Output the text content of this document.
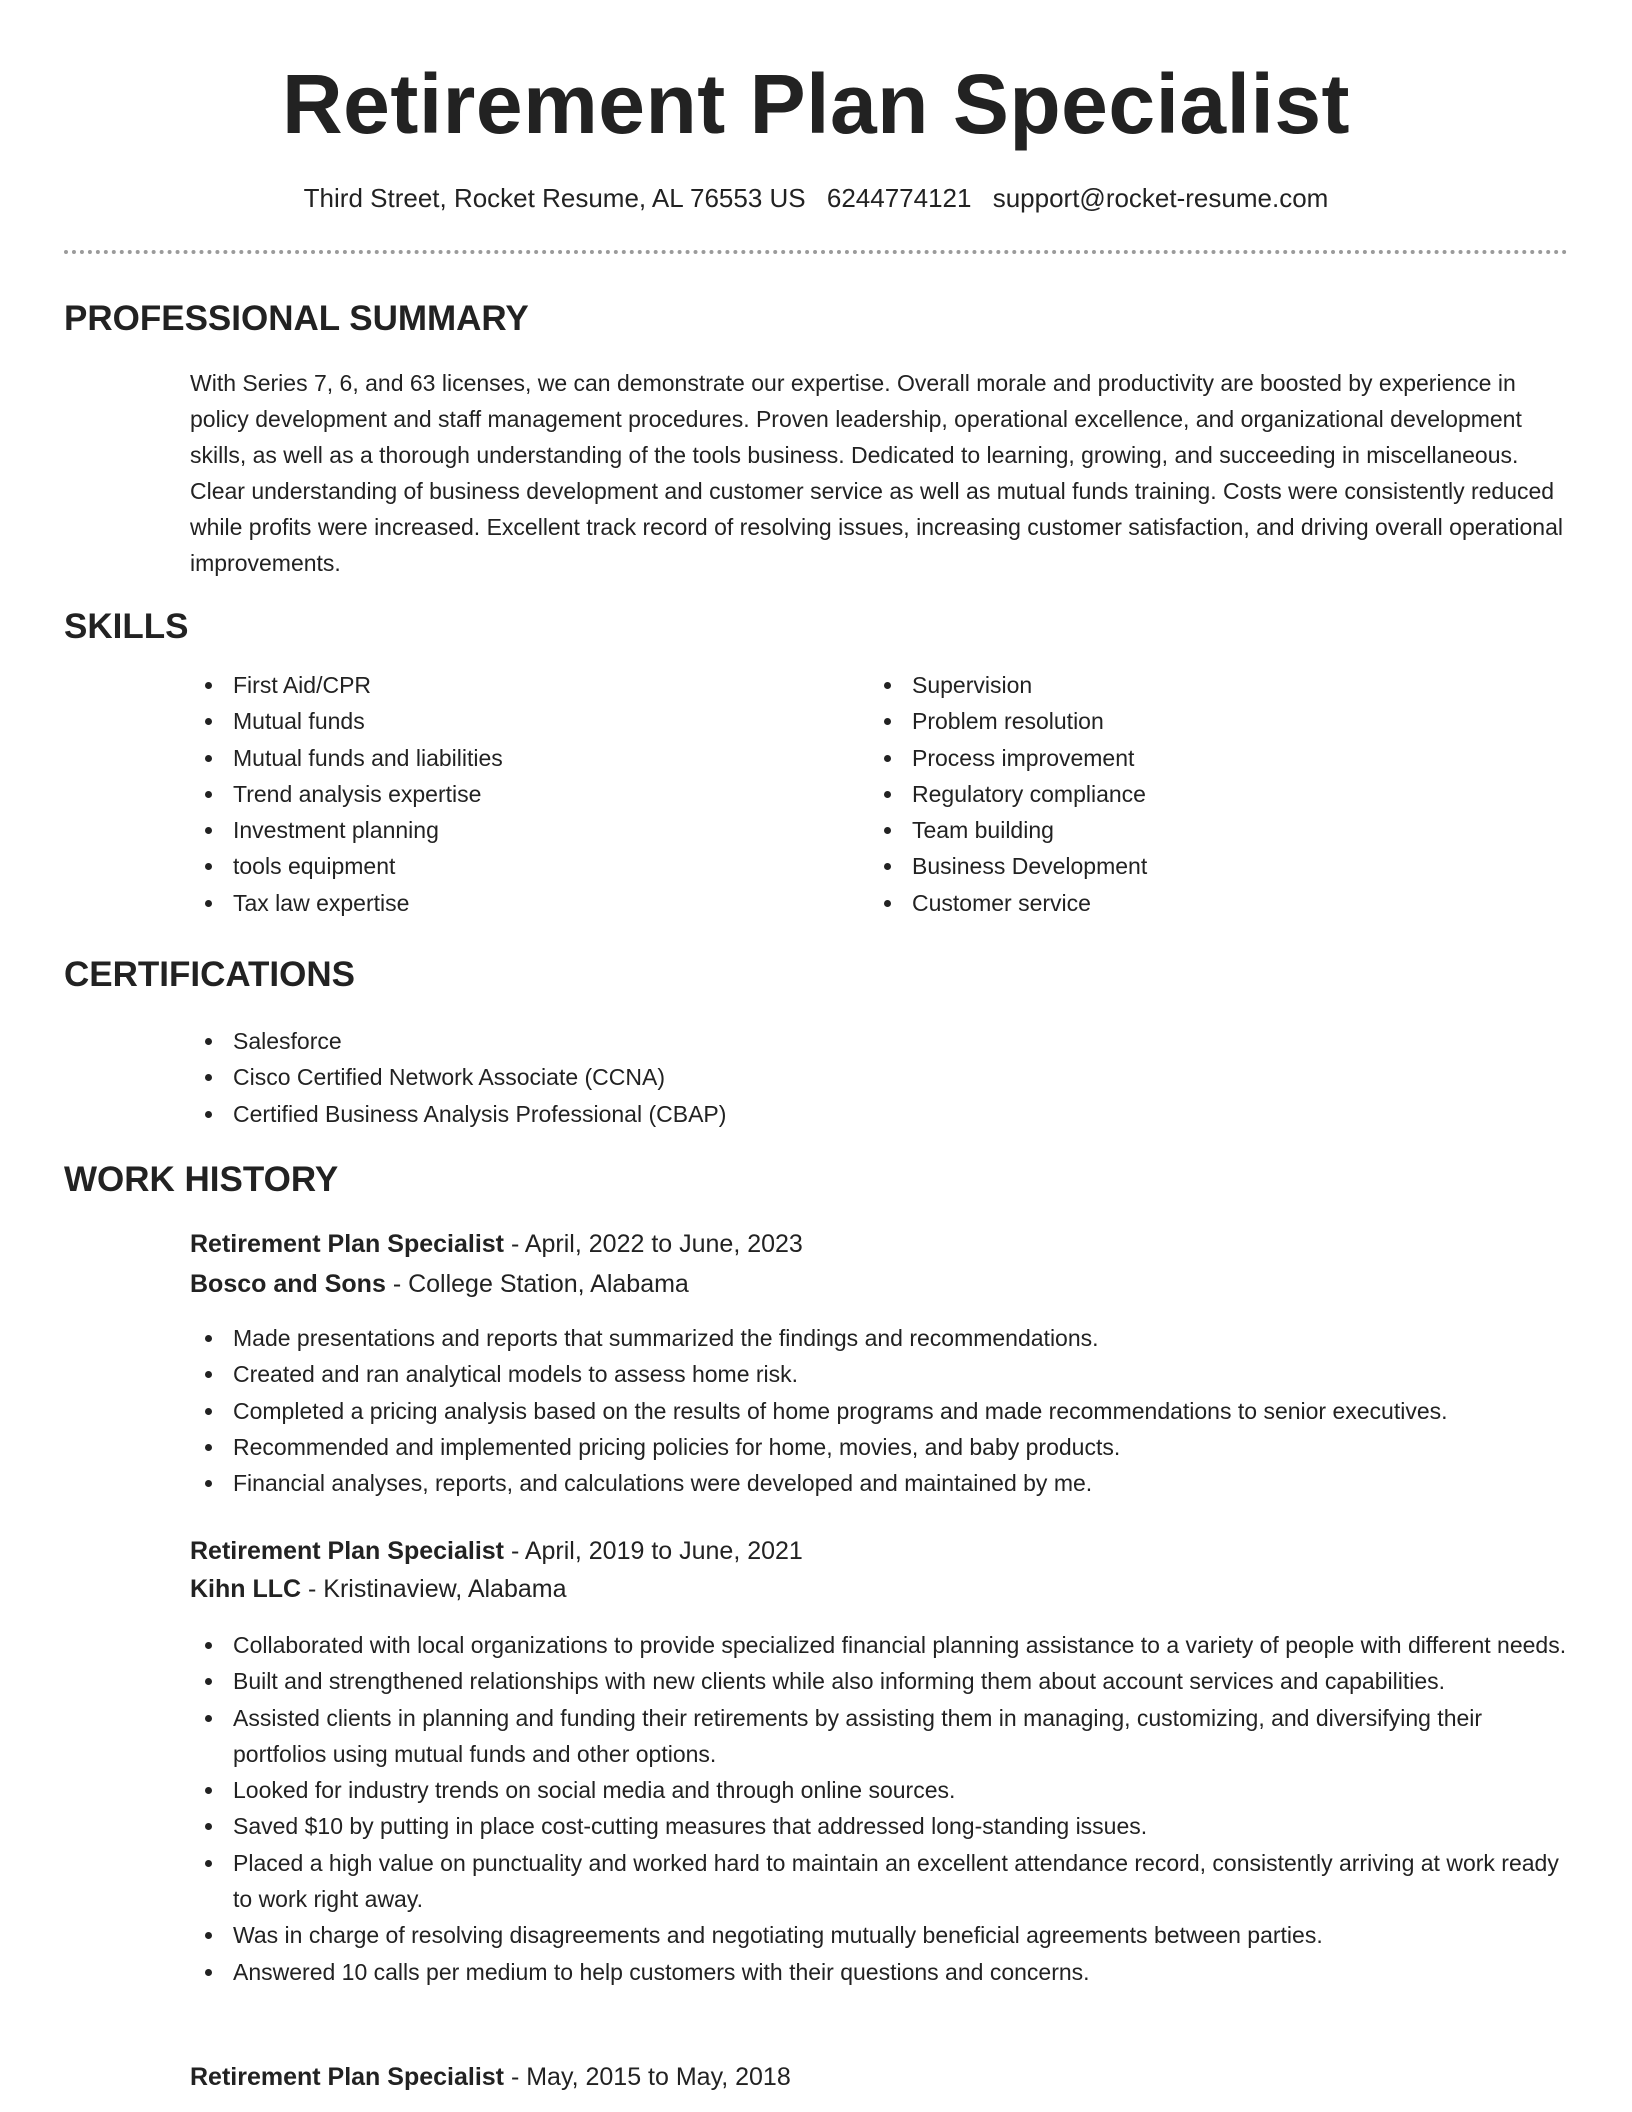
Retirement Plan Specialist
Third Street, Rocket Resume, AL 76553 US 6244774121 support@rocket-resume.com
PROFESSIONAL SUMMARY

With Series 7, 6, and 63 licenses, we can demonstrate our expertise. Overall morale and productivity are boosted by experience in policy development and staff management procedures. Proven leadership, operational excellence, and organizational development skills, as well as a thorough understanding of the tools business. Dedicated to learning, growing, and succeeding in miscellaneous. Clear understanding of business development and customer service as well as mutual funds training. Costs were consistently reduced while profits were increased. Excellent track record of resolving issues, increasing customer satisfaction, and driving overall operational improvements.

SKILLS
First Aid/CPR
Mutual funds
Mutual funds and liabilities
Trend analysis expertise
Investment planning
tools equipment
Tax law expertise
Supervision
Problem resolution
Process improvement
Regulatory compliance
Team building
Business Development
Customer service
CERTIFICATIONS
Salesforce
Cisco Certified Network Associate (CCNA)
Certified Business Analysis Professional (CBAP)
WORK HISTORY
Retirement Plan Specialist - April, 2022 to June, 2023
Bosco and Sons - College Station, Alabama
Made presentations and reports that summarized the findings and recommendations.
Created and ran analytical models to assess home risk.
Completed a pricing analysis based on the results of home programs and made recommendations to senior executives.
Recommended and implemented pricing policies for home, movies, and baby products.
Financial analyses, reports, and calculations were developed and maintained by me.
Retirement Plan Specialist - April, 2019 to June, 2021
Kihn LLC - Kristinaview, Alabama
Collaborated with local organizations to provide specialized financial planning assistance to a variety of people with different needs.
Built and strengthened relationships with new clients while also informing them about account services and capabilities.
Assisted clients in planning and funding their retirements by assisting them in managing, customizing, and diversifying their portfolios using mutual funds and other options.
Looked for industry trends on social media and through online sources.
Saved $10 by putting in place cost-cutting measures that addressed long-standing issues.
Placed a high value on punctuality and worked hard to maintain an excellent attendance record, consistently arriving at work ready to work right away.
Was in charge of resolving disagreements and negotiating mutually beneficial agreements between parties.
Answered 10 calls per medium to help customers with their questions and concerns.
Retirement Plan Specialist - May, 2015 to May, 2018
